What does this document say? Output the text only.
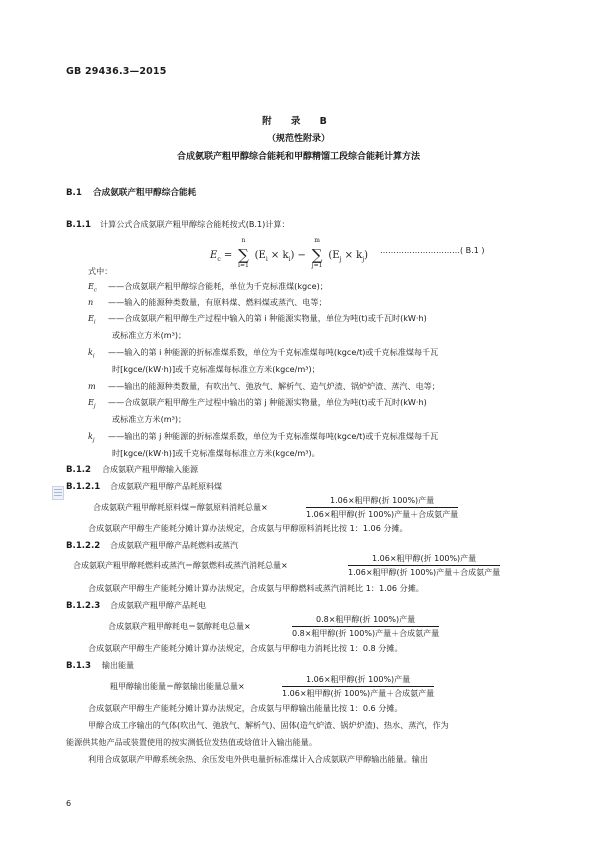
GB 29436.3—2015
附 录 B
（规范性附录）
合成氨联产粗甲醇综合能耗和甲醇精馏工段综合能耗计算方法
B.1 合成氨联产粗甲醇综合能耗
B.1.1 计算公式合成氨联产粗甲醇综合能耗按式(B.1)计算：
$E_c$ =
n
∑
i=1
$(E_i \times k_i)$ −
m
∑
j=1
$(E_j \times k_j)$ …………………………( B.1 )
式中：
$E_c$ ——合成氨联产粗甲醇综合能耗，单位为千克标准煤(kgce)；
n ——输入的能源种类数量，有原料煤、燃料煤或蒸汽、电等；
$E_i$ ——合成氨联产粗甲醇生产过程中输入的第 i 种能源实物量，单位为吨(t)或千瓦时(kW·h)
或标准立方米(m³)；
$k_i$ ——输入的第 i 种能源的折标准煤系数，单位为千克标准煤每吨(kgce/t)或千克标准煤每千瓦
时[kgce/(kW·h)]或千克标准煤每标准立方米(kgce/m³)；
m ——输出的能源种类数量，有吹出气、弛放气、解析气、造气炉渣、锅炉炉渣、蒸汽、电等；
$E_j$ ——合成氨联产粗甲醇生产过程中输出的第 j 种能源实物量，单位为吨(t)或千瓦时(kW·h)
或标准立方米(m³)；
$k_j$ ——输出的第 j 种能源的折标准煤系数，单位为千克标准煤每吨(kgce/t)或千克标准煤每千瓦
时[kgce/(kW·h)]或千克标准煤每标准立方米(kgce/m³)。
B.1.2 合成氨联产粗甲醇输入能源
B.1.2.1 合成氨联产粗甲醇产品耗原料煤
合成氨联产粗甲醇耗原料煤＝醇氨原料消耗总量×
1.06×粗甲醇(折 100%)产量
1.06×粗甲醇(折 100%)产量＋合成氨产量
合成氨联产甲醇生产能耗分摊计算办法规定，合成氨与甲醇原料消耗比按 1：1.06 分摊。
B.1.2.2 合成氨联产粗甲醇产品耗燃料或蒸汽
合成氨联产粗甲醇耗燃料或蒸汽＝醇氨燃料或蒸汽消耗总量×
1.06×粗甲醇(折 100%)产量
1.06×粗甲醇(折 100%)产量＋合成氨产量
合成氨联产甲醇生产能耗分摊计算办法规定，合成氨与甲醇燃料或蒸汽消耗比 1：1.06 分摊。
B.1.2.3 合成氨联产粗甲醇产品耗电
合成氨联产粗甲醇耗电＝氨醇耗电总量×
0.8×粗甲醇(折 100%)产量
0.8×粗甲醇(折 100%)产量＋合成氨产量
合成氨联产甲醇生产能耗分摊计算办法规定，合成氨与甲醇电力消耗比按 1：0.8 分摊。
B.1.3 输出能量
粗甲醇输出能量＝醇氨输出能量总量×
1.06×粗甲醇(折 100%)产量
1.06×粗甲醇(折 100%)产量＋合成氨产量
合成氨联产甲醇生产能耗分摊计算办法规定，合成氨与甲醇输出能量比按 1：0.6 分摊。
甲醇合成工序输出的气体(吹出气、弛放气、解析气)、固体(造气炉渣、锅炉炉渣)、热水、蒸汽，作为
能源供其他产品或装置使用的按实测低位发热值或焓值计入输出能量。
利用合成氨联产甲醇系统余热、余压发电外供电量折标准煤计入合成氨联产甲醇输出能量。输出
6
